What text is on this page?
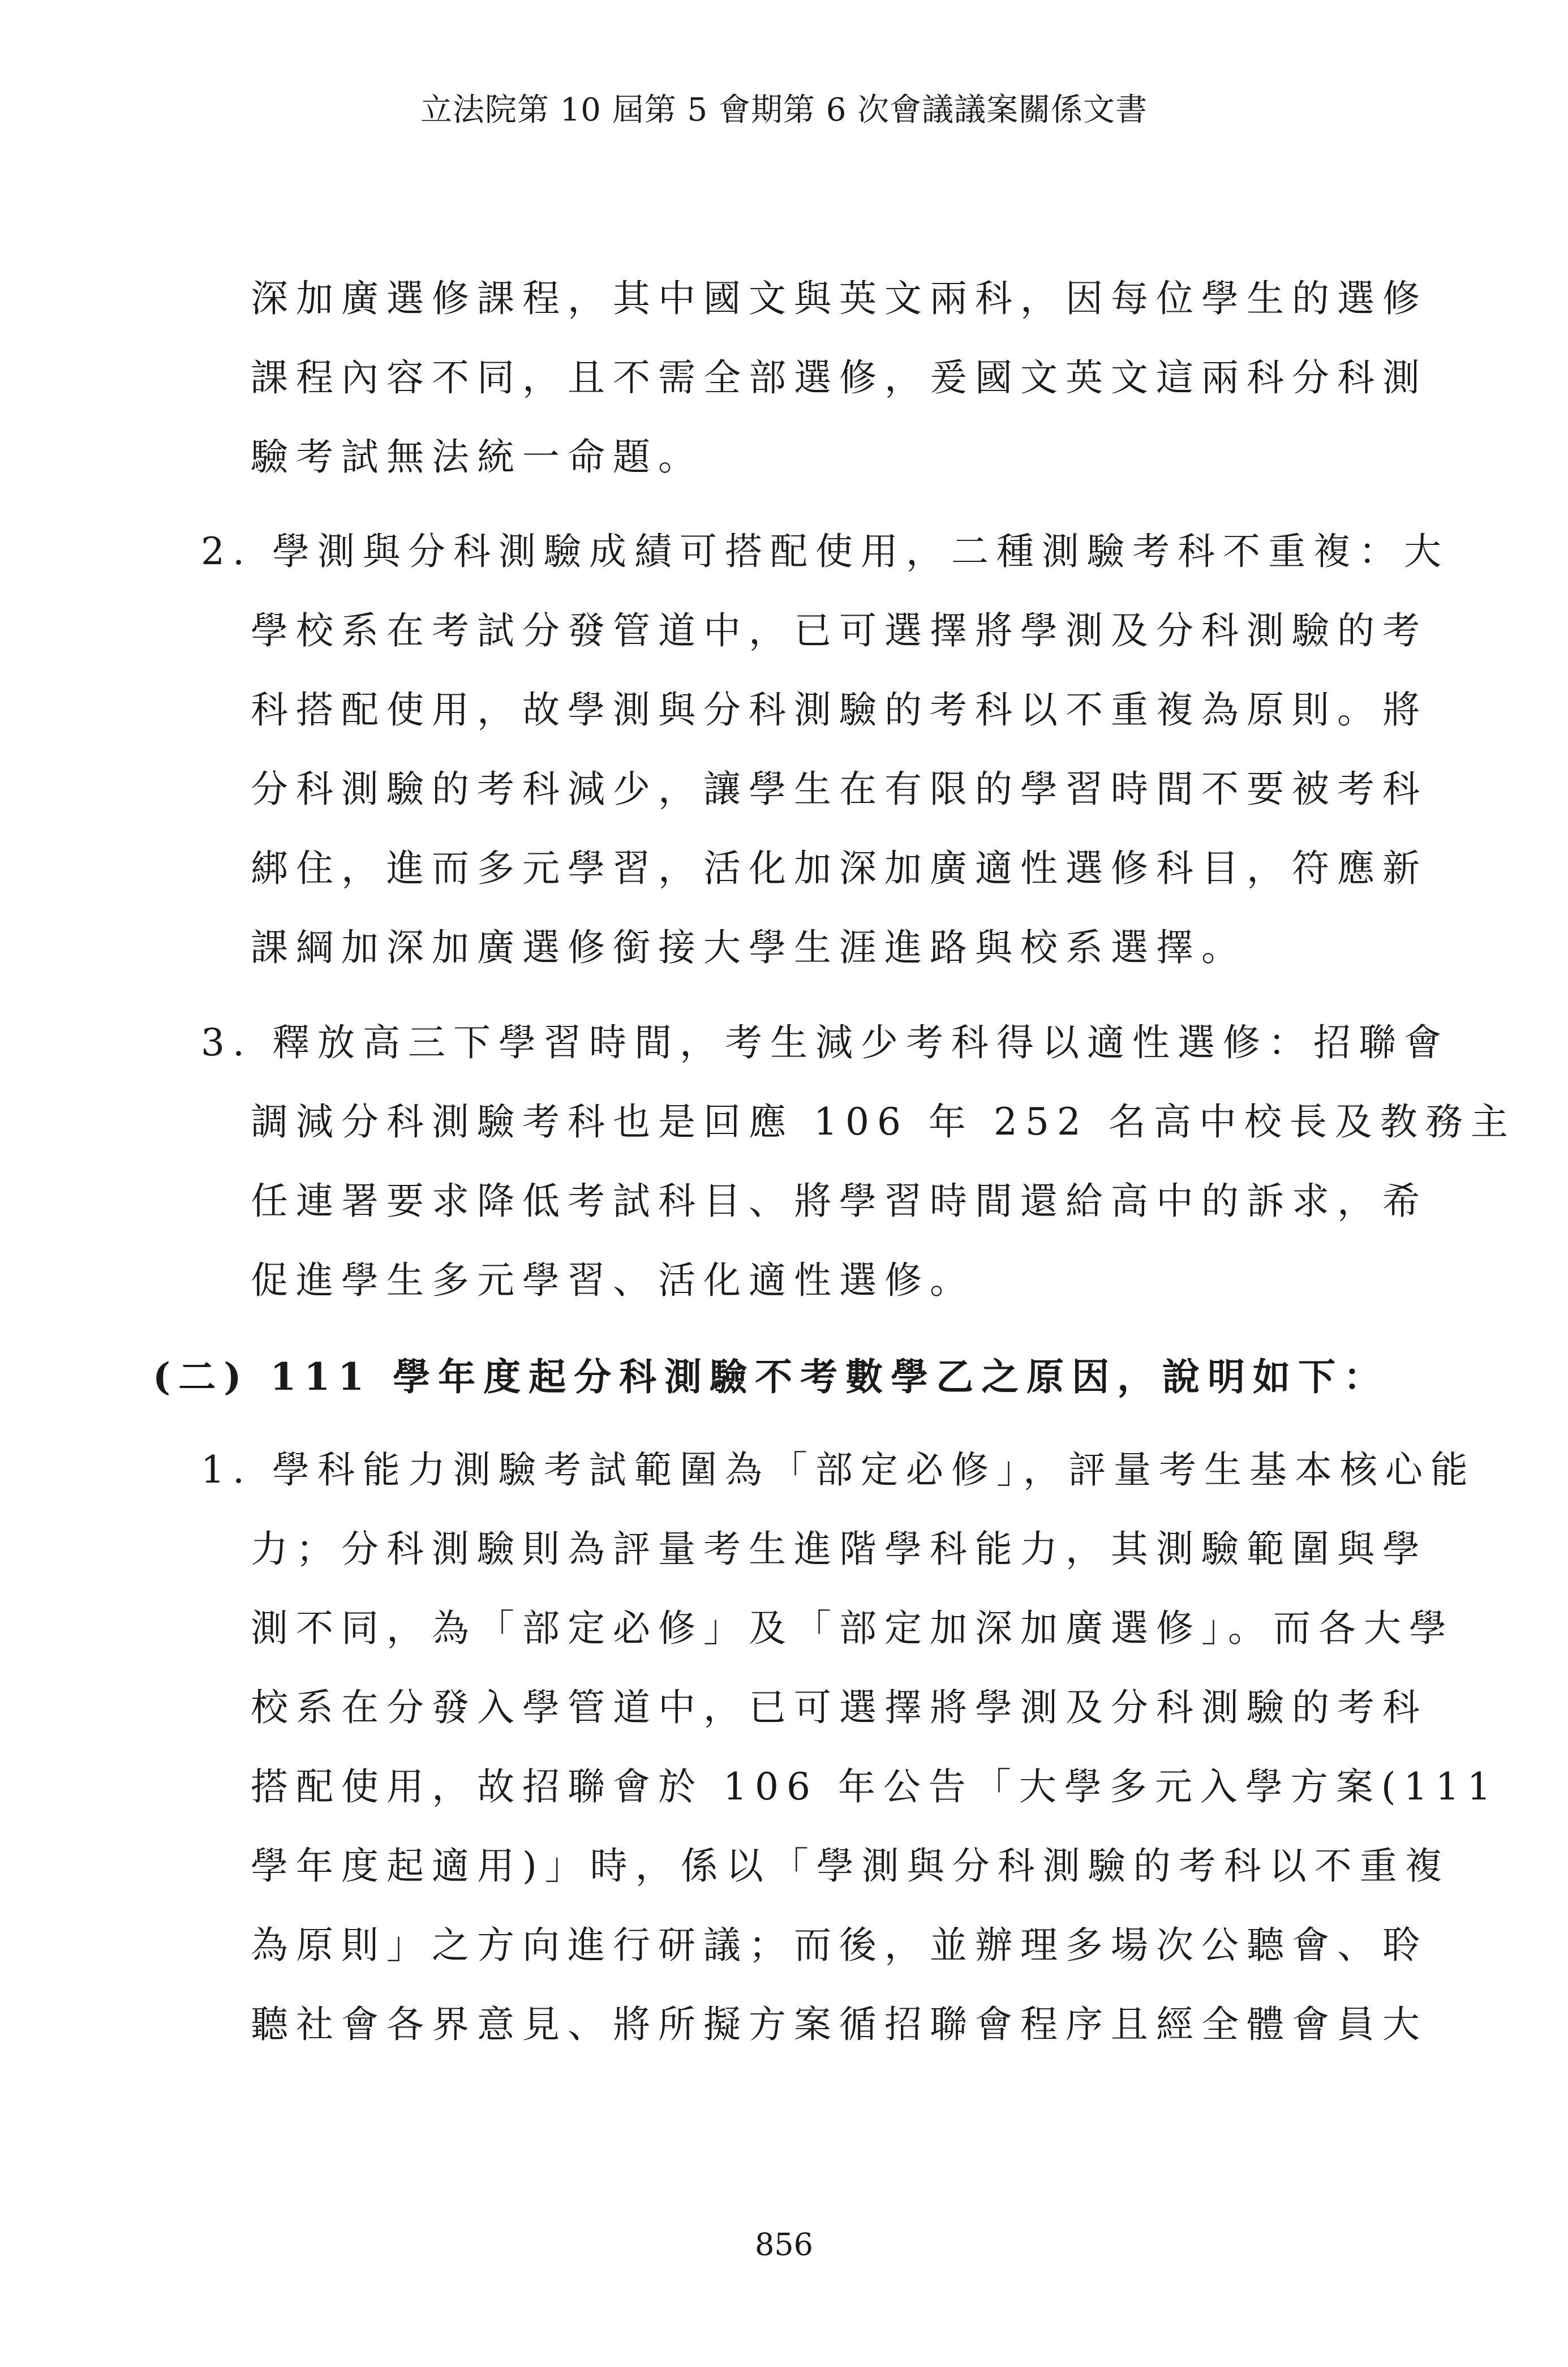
立法院第 10 屆第 5 會期第 6 次會議議案關係文書
深加廣選修課程，其中國文與英文兩科，因每位學生的選修
課程內容不同，且不需全部選修，爰國文英文這兩科分科測
驗考試無法統一命題。
2. 學測與分科測驗成績可搭配使用，二種測驗考科不重複：大
學校系在考試分發管道中，已可選擇將學測及分科測驗的考
科搭配使用，故學測與分科測驗的考科以不重複為原則。將
分科測驗的考科減少，讓學生在有限的學習時間不要被考科
綁住，進而多元學習，活化加深加廣適性選修科目，符應新
課綱加深加廣選修銜接大學生涯進路與校系選擇。
3. 釋放高三下學習時間，考生減少考科得以適性選修：招聯會
調減分科測驗考科也是回應 106 年 252 名高中校長及教務主
任連署要求降低考試科目、將學習時間還給高中的訴求，希
促進學生多元學習、活化適性選修。
(二) 111 學年度起分科測驗不考數學乙之原因，說明如下：
1. 學科能力測驗考試範圍為「部定必修」，評量考生基本核心能
力；分科測驗則為評量考生進階學科能力，其測驗範圍與學
測不同，為「部定必修」及「部定加深加廣選修」。而各大學
校系在分發入學管道中，已可選擇將學測及分科測驗的考科
搭配使用，故招聯會於 106 年公告「大學多元入學方案(111
學年度起適用)」時，係以「學測與分科測驗的考科以不重複
為原則」之方向進行研議；而後，並辦理多場次公聽會、聆
聽社會各界意見、將所擬方案循招聯會程序且經全體會員大
856
